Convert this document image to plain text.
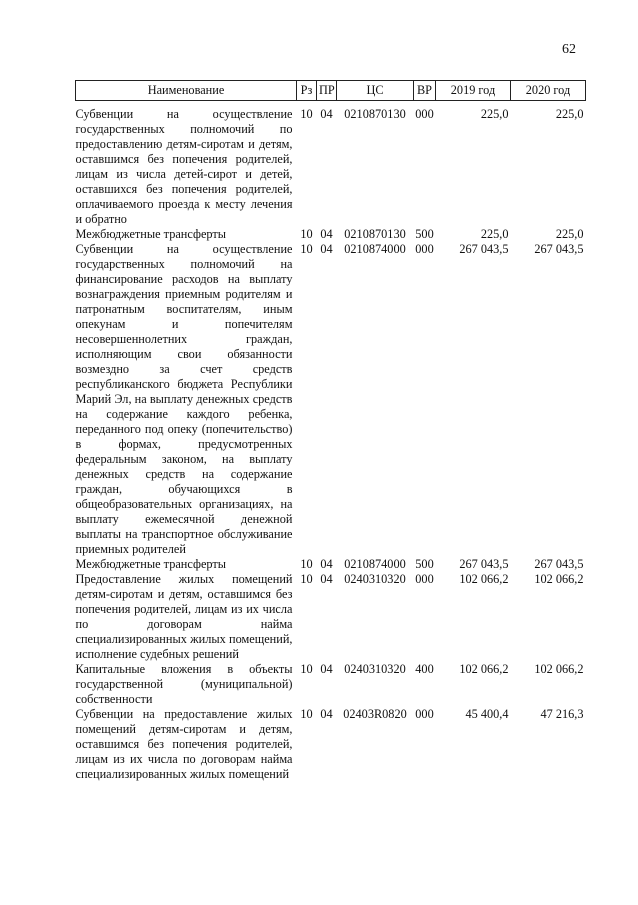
62
Наименование	Рз	ПР	ЦС	ВР	2019 год	2020 год

Субвенции на осуществление государственных полномочий по предоставлению детям-сиротам и детям, оставшимся без попечения родителей, лицам из числа детей-сирот и детей, оставшихся без попечения родителей, оплачиваемого проезда к месту лечения и обратно	10	04	0210870130	000	225,0	225,0
Межбюджетные трансферты	10	04	0210870130	500	225,0	225,0
Субвенции на осуществление государственных полномочий на финансирование расходов на выплату вознаграждения приемным родителям и патронатным воспитателям, иным опекунам и попечителям несовершеннолетних граждан, исполняющим свои обязанности возмездно за счет средств республиканского бюджета Республики Марий Эл, на выплату денежных средств на содержание каждого ребенка, переданного под опеку (попечительство) в формах, предусмотренных федеральным законом, на выплату денежных средств на содержание граждан, обучающихся в общеобразовательных организациях, на выплату ежемесячной денежной выплаты на транспортное обслуживание приемных родителей	10	04	0210874000	000	267 043,5	267 043,5
Межбюджетные трансферты	10	04	0210874000	500	267 043,5	267 043,5
Предоставление жилых помещений детям-сиротам и детям, оставшимся без попечения родителей, лицам из их числа по договорам найма специализированных жилых помещений, исполнение судебных решений	10	04	0240310320	000	102 066,2	102 066,2
Капитальные вложения в объекты государственной (муниципальной) собственности	10	04	0240310320	400	102 066,2	102 066,2
Субвенции на предоставление жилых помещений детям-сиротам и детям, оставшимся без попечения родителей, лицам из их числа по договорам найма специализированных жилых помещений	10	04	02403R0820	000	45 400,4	47 216,3
